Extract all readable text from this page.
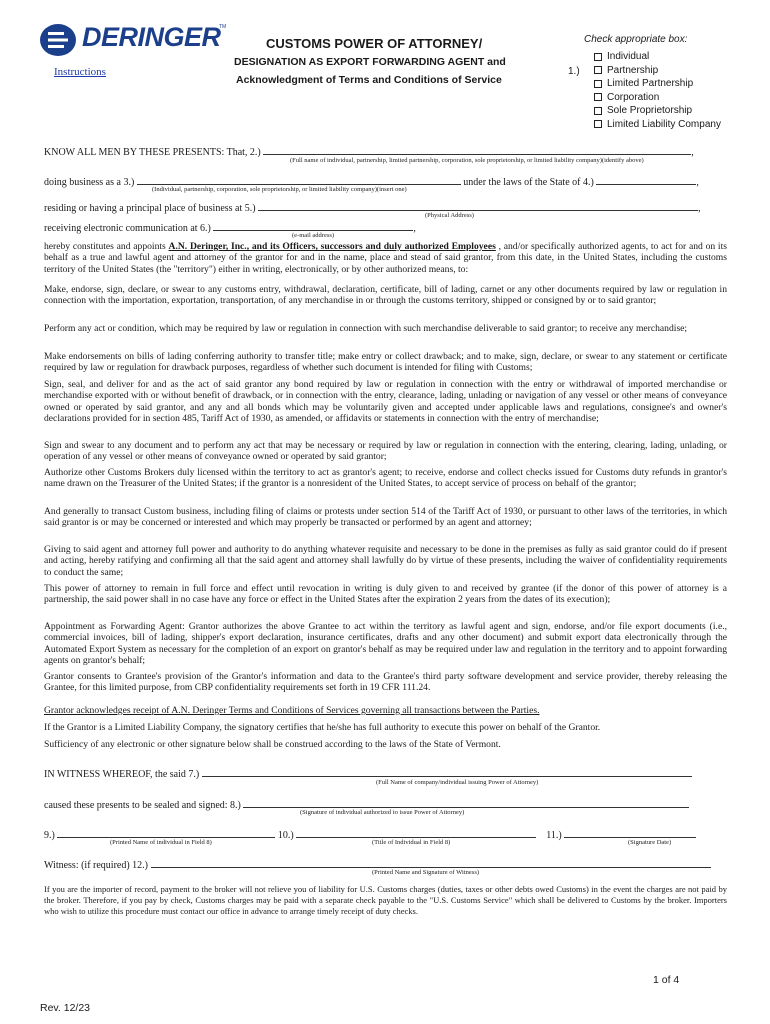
DERINGER
TM
Instructions
CUSTOMS POWER OF ATTORNEY/
DESIGNATION AS EXPORT FORWARDING AGENT and
Acknowledgment of Terms and Conditions of Service
Check appropriate box:
1.)
Individual
Partnership
Limited Partnership
Corporation
Sole Proprietorship
Limited Liability Company
KNOW ALL MEN BY THESE PRESENTS: That, 2.)	,
(Full name of individual, partnership, limited partnership, corporation, sole proprietorship, or limited liability company)(identify above)
doing business as a 3.)	under the laws of the State of 4.)	,
(Individual, partnership, corporation, sole proprietorship, or limited liability company)(insert one)
residing or having a principal place of business at 5.)	,
(Physical Address)
receiving electronic communication at 6.)	,
(e-mail address)
hereby constitutes and appoints A.N. Deringer, Inc., and its Officers, successors and duly authorized Employees , and/or specifically authorized agents, to act for and on its behalf as a true and lawful agent and attorney of the grantor for and in the name, place and stead of said grantor, from this date, in the United States, including the customs territory of the United States (the "territory") either in writing, electronically, or by other authorized means, to:
Make, endorse, sign, declare, or swear to any customs entry, withdrawal, declaration, certificate, bill of lading, carnet or any other documents required by law or regulation in connection with the importation, exportation, transportation, of any merchandise in or through the customs territory, shipped or consigned by or to said grantor;
Perform any act or condition, which may be required by law or regulation in connection with such merchandise deliverable to said grantor; to receive any merchandise;
Make endorsements on bills of lading conferring authority to transfer title; make entry or collect drawback; and to make, sign, declare, or swear to any statement or certificate required by law or regulation for drawback purposes, regardless of whether such document is intended for filing with Customs;
Sign, seal, and deliver for and as the act of said grantor any bond required by law or regulation in connection with the entry or withdrawal of imported merchandise or merchandise exported with or without benefit of drawback, or in connection with the entry, clearance, lading, unlading or navigation of any vessel or other means of conveyance owned or operated by said grantor, and any and all bonds which may be voluntarily given and accepted under applicable laws and regulations, consignee's and owner's declarations provided for in section 485, Tariff Act of 1930, as amended, or affidavits or statements in connection with the entry of merchandise;
Sign and swear to any document and to perform any act that may be necessary or required by law or regulation in connection with the entering, clearing, lading, unlading, or operation of any vessel or other means of conveyance owned or operated by said grantor;
Authorize other Customs Brokers duly licensed within the territory to act as grantor's agent; to receive, endorse and collect checks issued for Customs duty refunds in grantor's name drawn on the Treasurer of the United States; if the grantor is a nonresident of the United States, to accept service of process on behalf of the grantor;
And generally to transact Custom business, including filing of claims or protests under section 514 of the Tariff Act of 1930, or pursuant to other laws of the territories, in which said grantor is or may be concerned or interested and which may properly be transacted or performed by an agent and attorney;
Giving to said agent and attorney full power and authority to do anything whatever requisite and necessary to be done in the premises as fully as said grantor could do if present and acting, hereby ratifying and confirming all that the said agent and attorney shall lawfully do by virtue of these presents, including the waiver of confidentiality requirements to conduct the same;
This power of attorney to remain in full force and effect until revocation in writing is duly given to and received by grantee (if the donor of this power of attorney is a partnership, the said power shall in no case have any force or effect in the United States after the expiration 2 years from the dates of its execution);
Appointment as Forwarding Agent: Grantor authorizes the above Grantee to act within the territory as lawful agent and sign, endorse, and/or file export documents (i.e., commercial invoices, bill of lading, shipper's export declaration, insurance certificates, drafts and any other document) and submit export data electronically through the Automated Export System as necessary for the completion of an export on grantor's behalf as may be required under law and regulation in the territory and to appoint forwarding agents on grantor's behalf;
Grantor consents to Grantee's provision of the Grantor's information and data to the Grantee's third party software development and service provider, thereby releasing the Grantee, for this limited purpose, from CBP confidentiality requirements set forth in 19 CFR 111.24.
Grantor acknowledges receipt of A.N. Deringer Terms and Conditions of Services governing all transactions between the Parties.
If the Grantor is a Limited Liability Company, the signatory certifies that he/she has full authority to execute this power on behalf of the Grantor.
Sufficiency of any electronic or other signature below shall be construed according to the laws of the State of Vermont.
IN WITNESS WHEREOF, the said 7.)
(Full Name of company/individual issuing Power of Attorney)
caused these presents to be sealed and signed: 8.)
(Signature of individual authorized to issue Power of Attorney)
9.)	10.)	11.)
(Printed Name of individual in Field 8)	(Title of Individual in Field 8)	(Signature Date)
Witness: (if required) 12.)
(Printed Name and Signature of Witness)
If you are the importer of record, payment to the broker will not relieve you of liability for U.S. Customs charges (duties, taxes or other debts owed Customs) in the event the charges are not paid by the broker. Therefore, if you pay by check, Customs charges may be paid with a separate check payable to the "U.S. Customs Service" which shall be delivered to Customs by the broker. Importers who wish to utilize this procedure must contact our office in advance to arrange timely receipt of duty checks.
1 of 4
Rev. 12/23
